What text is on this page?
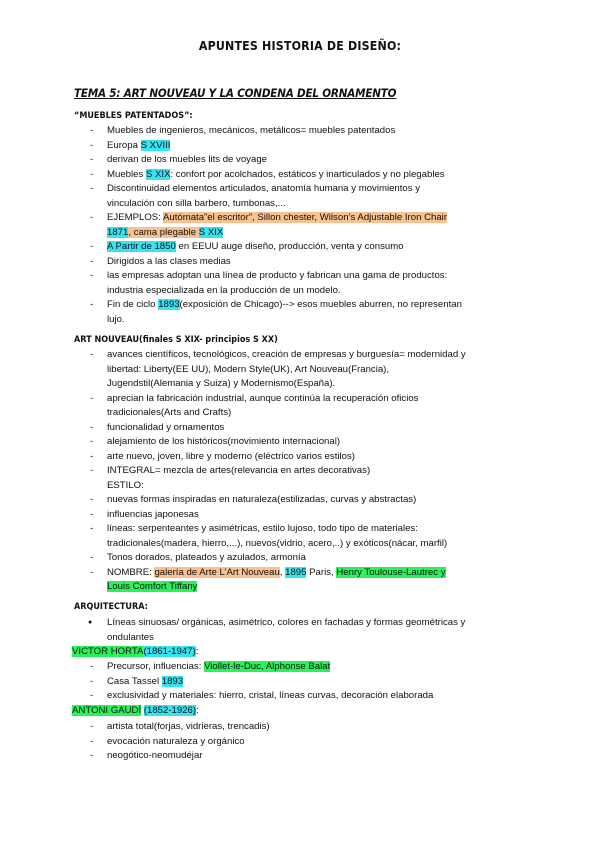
APUNTES HISTORIA DE DISEÑO:
TEMA 5: ART NOUVEAU Y LA CONDENA DEL ORNAMENTO
“MUEBLES PATENTADOS”:
- Muebles de ingenieros, mecánicos, metálicos= muebles patentados
- Europa S XVIII
- derivan de los muebles lits de voyage
- Muebles S XIX: confort por acolchados, estáticos y inarticulados y no plegables
- Discontinuidad elementos articulados, anatomía humana y movimientos y
vinculación con silla barbero, tumbonas,...
- EJEMPLOS: Autómata”el escritor”, Sillon chester, Wilson’s Adjustable Iron Chair
1871, cama plegable S XIX
- A Partir de 1850 en EEUU auge diseño, producción, venta y consumo
- Dirigidos a las clases medias
- las empresas adoptan una línea de producto y fabrican una gama de productos:
industria especializada en la producción de un modelo.
- Fin de ciclo 1893(exposición de Chicago)--> esos muebles aburren, no representan
lujo.
ART NOUVEAU(finales S XIX- principios S XX)
- avances científicos, tecnológicos, creación de empresas y burguesía= modernidad y
libertad: Liberty(EE UU), Modern Style(UK), Art Nouveau(Francia),
Jugendstil(Alemania y Suiza) y Modernismo(España).
- aprecian la fabricación industrial, aunque continúa la recuperación oficios
tradicionales(Arts and Crafts)
- funcionalidad y ornamentos
- alejamiento de los históricos(movimiento internacional)
- arte nuevo, joven, libre y moderno (eléctrico varios estilos)
- INTEGRAL= mezcla de artes(relevancia en artes decorativas)
ESTILO:
- nuevas formas inspiradas en naturaleza(estilizadas, curvas y abstractas)
- influencias japonesas
- líneas: serpenteantes y asimétricas, estilo lujoso, todo tipo de materiales:
tradicionales(madera, hierro,...), nuevos(vidrio, acero,..) y exóticos(nácar, marfil)
- Tonos dorados, plateados y azulados, armonía
- NOMBRE: galería de Arte L’Art Nouveau, 1895 Paris, Henry Toulouse-Lautrec y
Louis Comfort Tiffany
ARQUITECTURA:
● Líneas sinuosas/ orgánicas, asimétrico, colores en fachadas y formas geométricas y
ondulantes
VICTOR HORTA(1861-1947):
- Precursor, influencias: Viollet-le-Duc, Alphonse Balat
- Casa Tassel 1893
- exclusividad y materiales: hierro, cristal, líneas curvas, decoración elaborada
ANTONI GAUDÍ (1852-1926):
- artista total(forjas, vidrieras, trencadis)
- evocación naturaleza y orgánico
- neogótico-neomudéjar
